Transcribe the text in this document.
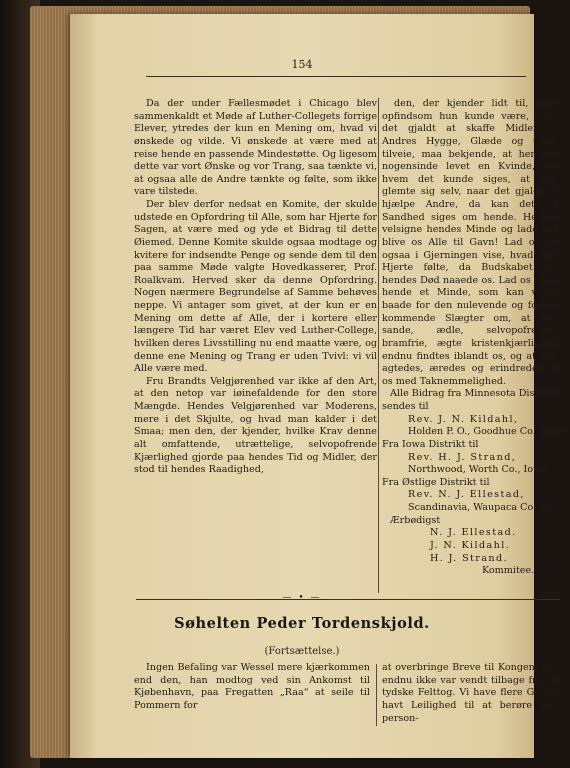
154

Da der under Fællesmødet i Chicago blev sammenkaldt et Møde af Luther-Collegets forrige Elever, ytredes der kun en Mening om, hvad vi ønskede og vilde. Vi ønskede at være med at reise hende en passende Mindestøtte. Og ligesom dette var vort Ønske og vor Trang, saa tænkte vi, at ogsaa alle de Andre tænkte og følte, som ikke vare tilstede.

Der blev derfor nedsat en Komite, der skulde udstede en Opfordring til Alle, som har Hjerte for Sagen, at være med og yde et Bidrag til dette Øiemed. Denne Komite skulde ogsaa modtage og kvitere for indsendte Penge og sende dem til den paa samme Møde valgte Hovedkasserer, Prof. Roalkvam. Herved sker da denne Opfordring. Nogen nærmere Begrundelse af Samme behøves neppe. Vi antager som givet, at der kun er en Mening om dette af Alle, der i kortere eller længere Tid har været Elev ved Luther-College, hvilken deres Livsstilling nu end maatte være, og denne ene Mening og Trang er uden Tvivl: vi vil Alle være med.

Fru Brandts Velgjørenhed var ikke af den Art, at den netop var iøinefaldende for den store Mængde. Hendes Velgjørenhed var Moderens, mere i det Skjulte, og hvad man kalder i det Smaa; men den, der kjender, hvilke Krav denne alt omfattende, utrættelige, selvopofrende Kjærlighed gjorde paa hendes Tid og Midler, der stod til hendes Raadighed,

den, der kjender lidt til, hvor opfindsom hun kunde være, naar det gjaldt at skaffe Midler til Andres Hygge, Glæde og Gavn tilveie, maa bekjende, at her der nogensinde levet en Kvinde, om hvem det kunde siges, at hun glemte sig selv, naar det gjaldt at hjælpe Andre, da kan dette i Sandhed siges om hende. Herren velsigne hendes Minde og lade det blive os Alle til Gavn! Lad os nu ogsaa i Gjerningen vise, hvad vort Hjerte følte, da Budskabet om hendes Død naaede os. Lad os reise hende et Minde, som kan vidne baade for den nulevende og for de kommende Slægter om, at den sande, ædle, selvopofrende, bramfrie, ægte kristenkjærlighed endnu findtes iblandt os, og at den agtedes, æredes og erindredes af os med Taknemmelighed.

Alle Bidrag fra Minnesota Distriktet

sendes til

Rev. J. N. Kildahl,

Holden P. O., Goodhue Co., Minn.

Fra Iowa Distrikt til

Rev. H. J. Strand,

Northwood, Worth Co., Iowa.

Fra Østlige Distrikt til

Rev. N. J. Ellestad,

Scandinavia, Waupaca Co., Wis.

Ærbødigst

N. J. Ellestad.

J. N. Kildahl.

H. J. Strand.

Kommitee.

— • —
Søhelten Peder Tordenskjold.
(Fortsættelse.)

Ingen Befaling var Wessel mere kjærkommen end den, han modtog ved sin Ankomst til Kjøbenhavn, paa Fregatten „Raa“ at seile til Pommern for

at overbringe Breve til Kongen, der endnu ikke var vendt tilbage fra sit tydske Felttog. Vi have flere Gange havt Leilighed til at berøre den person-
